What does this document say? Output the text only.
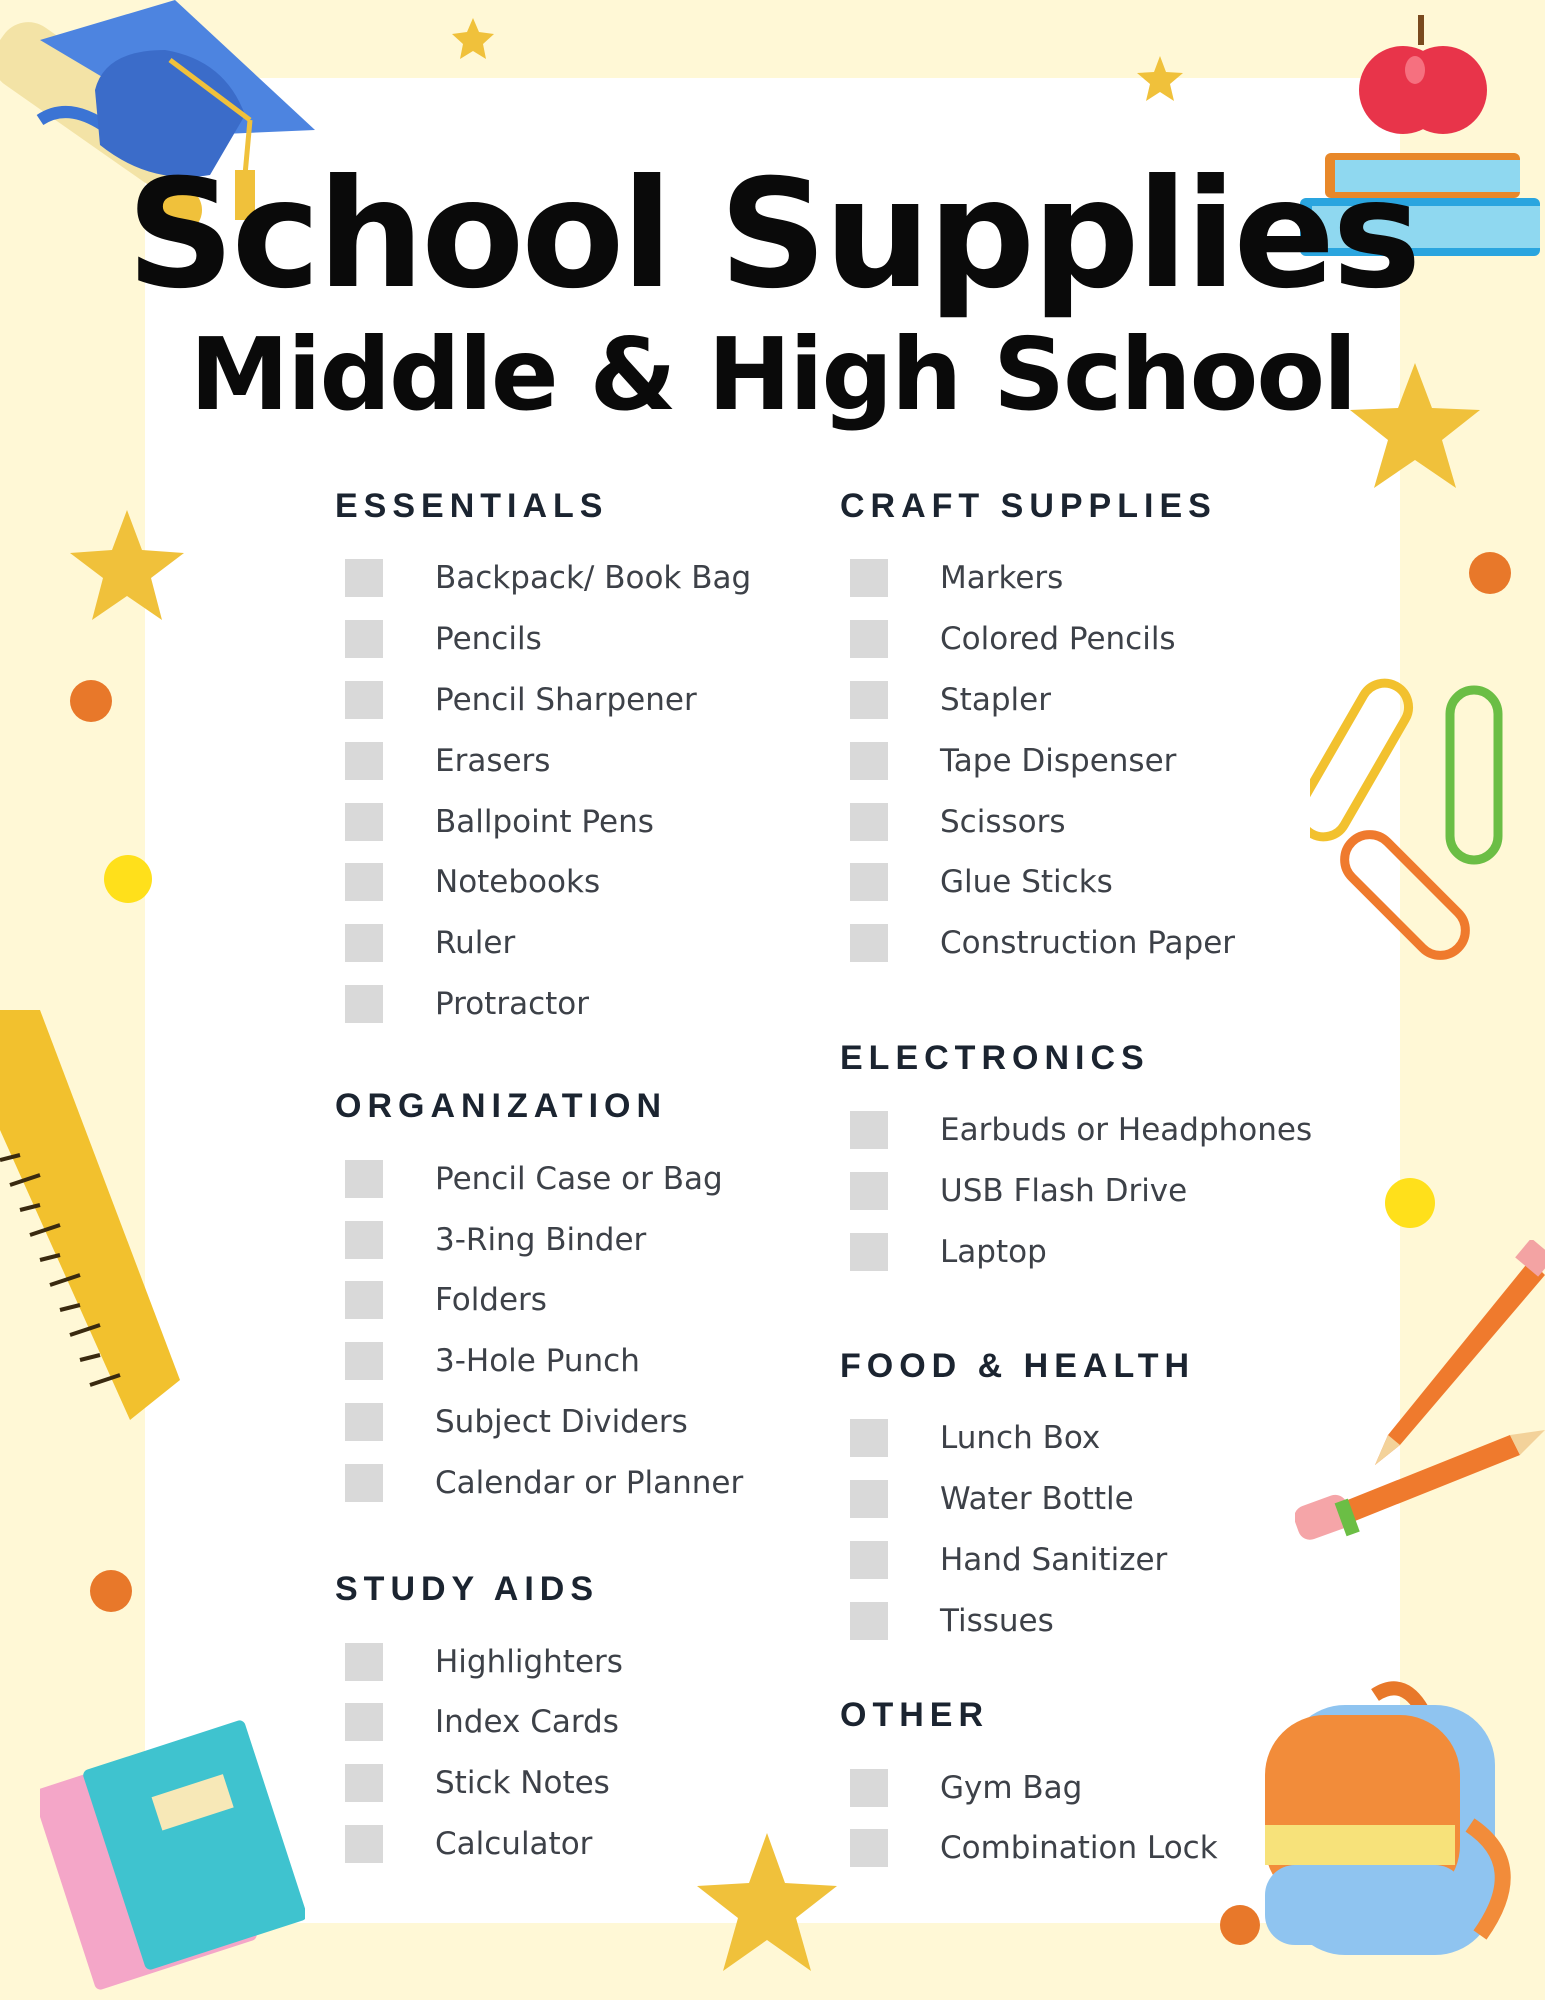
School Supplies
Middle & High School
ESSENTIALS
Backpack/ Book Bag
Pencils
Pencil Sharpener
Erasers
Ballpoint Pens
Notebooks
Ruler
Protractor
ORGANIZATION
Pencil Case or Bag
3-Ring Binder
Folders
3-Hole Punch
Subject Dividers
Calendar or Planner
STUDY AIDS
Highlighters
Index Cards
Stick Notes
Calculator
CRAFT SUPPLIES
Markers
Colored Pencils
Stapler
Tape Dispenser
Scissors
Glue Sticks
Construction Paper
ELECTRONICS
Earbuds or Headphones
USB Flash Drive
Laptop
FOOD & HEALTH
Lunch Box
Water Bottle
Hand Sanitizer
Tissues
OTHER
Gym Bag
Combination Lock
